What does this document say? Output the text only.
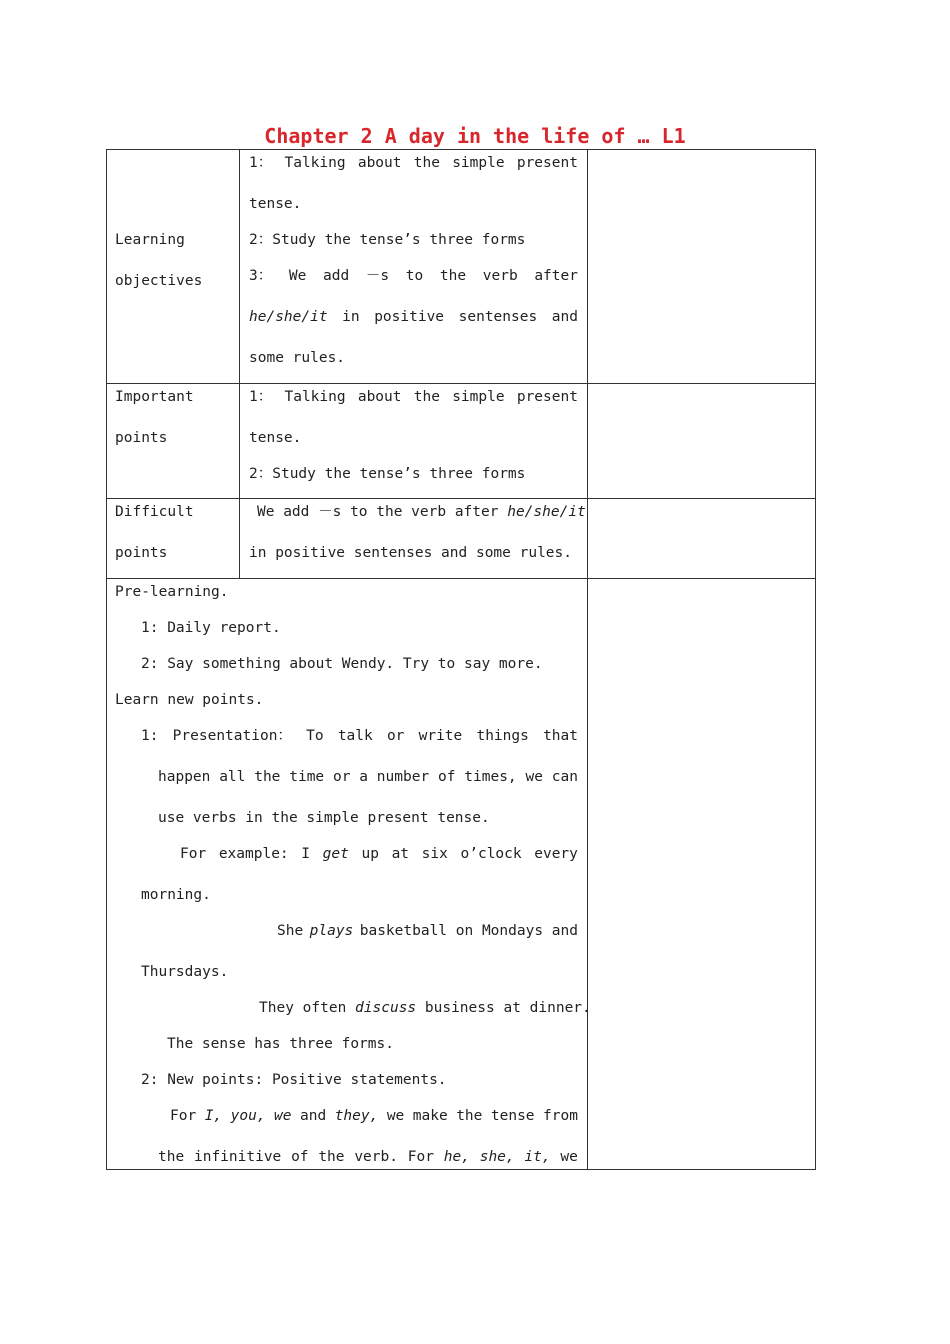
Chapter 2 A day in the life of … L1
Learning
objectives
1： Talking about the simple present
tense.
2：Study the tense’s three forms
3： We add －s to the verb after
he/she/it in positive sentenses and
some rules.
Important
points
1： Talking about the simple present
tense.
2：Study the tense’s three forms
Difficult
points
We add －s to the verb after he/she/it
in positive sentenses and some rules.
Pre-learning.
1: Daily report.
2: Say something about Wendy. Try to say more.
Learn new points.
1: Presentation： To talk or write things that
happen all the time or a number of times, we can
use verbs in the simple present tense.
For example: I get up at six o’clock every
morning.
She plays basketball on Mondays and
Thursdays.
They often discuss business at dinner.
The sense has three forms.
2: New points: Positive statements.
For I, you, we and they, we make the tense from
the infinitive of the verb. For he, she, it, we
